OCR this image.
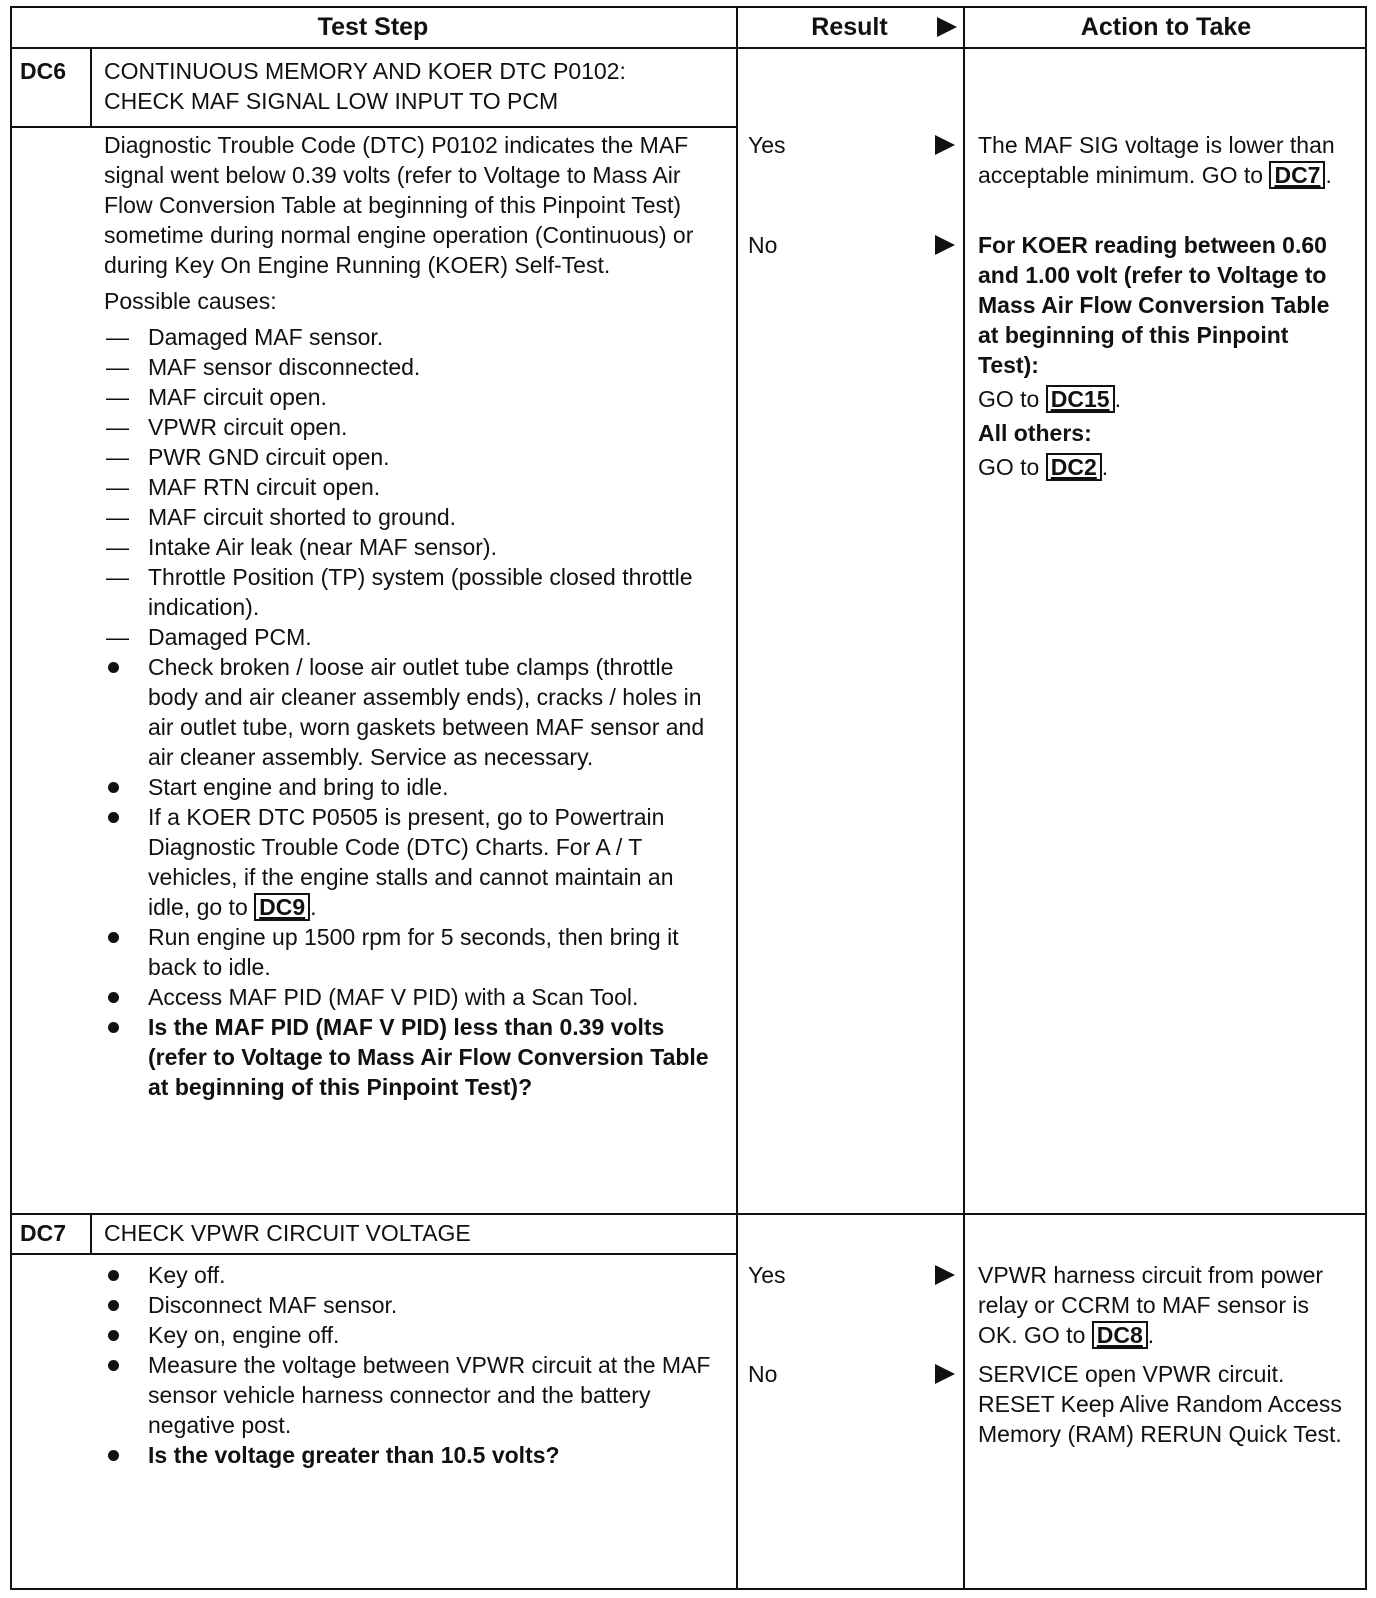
Test Step	Result	Action to Take
DC6 CONTINUOUS MEMORY AND KOER DTC P0102:
CHECK MAF SIGNAL LOW INPUT TO PCM
Diagnostic Trouble Code (DTC) P0102 indicates the MAF signal went below 0.39 volts (refer to Voltage to Mass Air Flow Conversion Table at beginning of this Pinpoint Test) sometime during normal engine operation (Continuous) or during Key On Engine Running (KOER) Self-Test.
Possible causes:
— Damaged MAF sensor.
— MAF sensor disconnected.
— MAF circuit open.
— VPWR circuit open.
— PWR GND circuit open.
— MAF RTN circuit open.
— MAF circuit shorted to ground.
— Intake Air leak (near MAF sensor).
— Throttle Position (TP) system (possible closed throttle indication).
— Damaged PCM.
Check broken / loose air outlet tube clamps (throttle body and air cleaner assembly ends), cracks / holes in air outlet tube, worn gaskets between MAF sensor and air cleaner assembly. Service as necessary.
Start engine and bring to idle.
If a KOER DTC P0505 is present, go to Powertrain Diagnostic Trouble Code (DTC) Charts. For A / T vehicles, if the engine stalls and cannot maintain an idle, go to DC9 .
Run engine up 1500 rpm for 5 seconds, then bring it back to idle.
Access MAF PID (MAF V PID) with a Scan Tool.
Is the MAF PID (MAF V PID) less than 0.39 volts (refer to Voltage to Mass Air Flow Conversion Table at beginning of this Pinpoint Test)?
Yes
No
The MAF SIG voltage is lower than acceptable minimum. GO to DC7 .
For KOER reading between 0.60 and 1.00 volt (refer to Voltage to Mass Air Flow Conversion Table at beginning of this Pinpoint Test):
GO to DC15 .
All others:
GO to DC2 .
DC7 CHECK VPWR CIRCUIT VOLTAGE
Key off.
Disconnect MAF sensor.
Key on, engine off.
Measure the voltage between VPWR circuit at the MAF sensor vehicle harness connector and the battery negative post.
Is the voltage greater than 10.5 volts?
Yes
No
VPWR harness circuit from power relay or CCRM to MAF sensor is OK. GO to DC8 .
SERVICE open VPWR circuit. RESET Keep Alive Random Access Memory (RAM) RERUN Quick Test.
